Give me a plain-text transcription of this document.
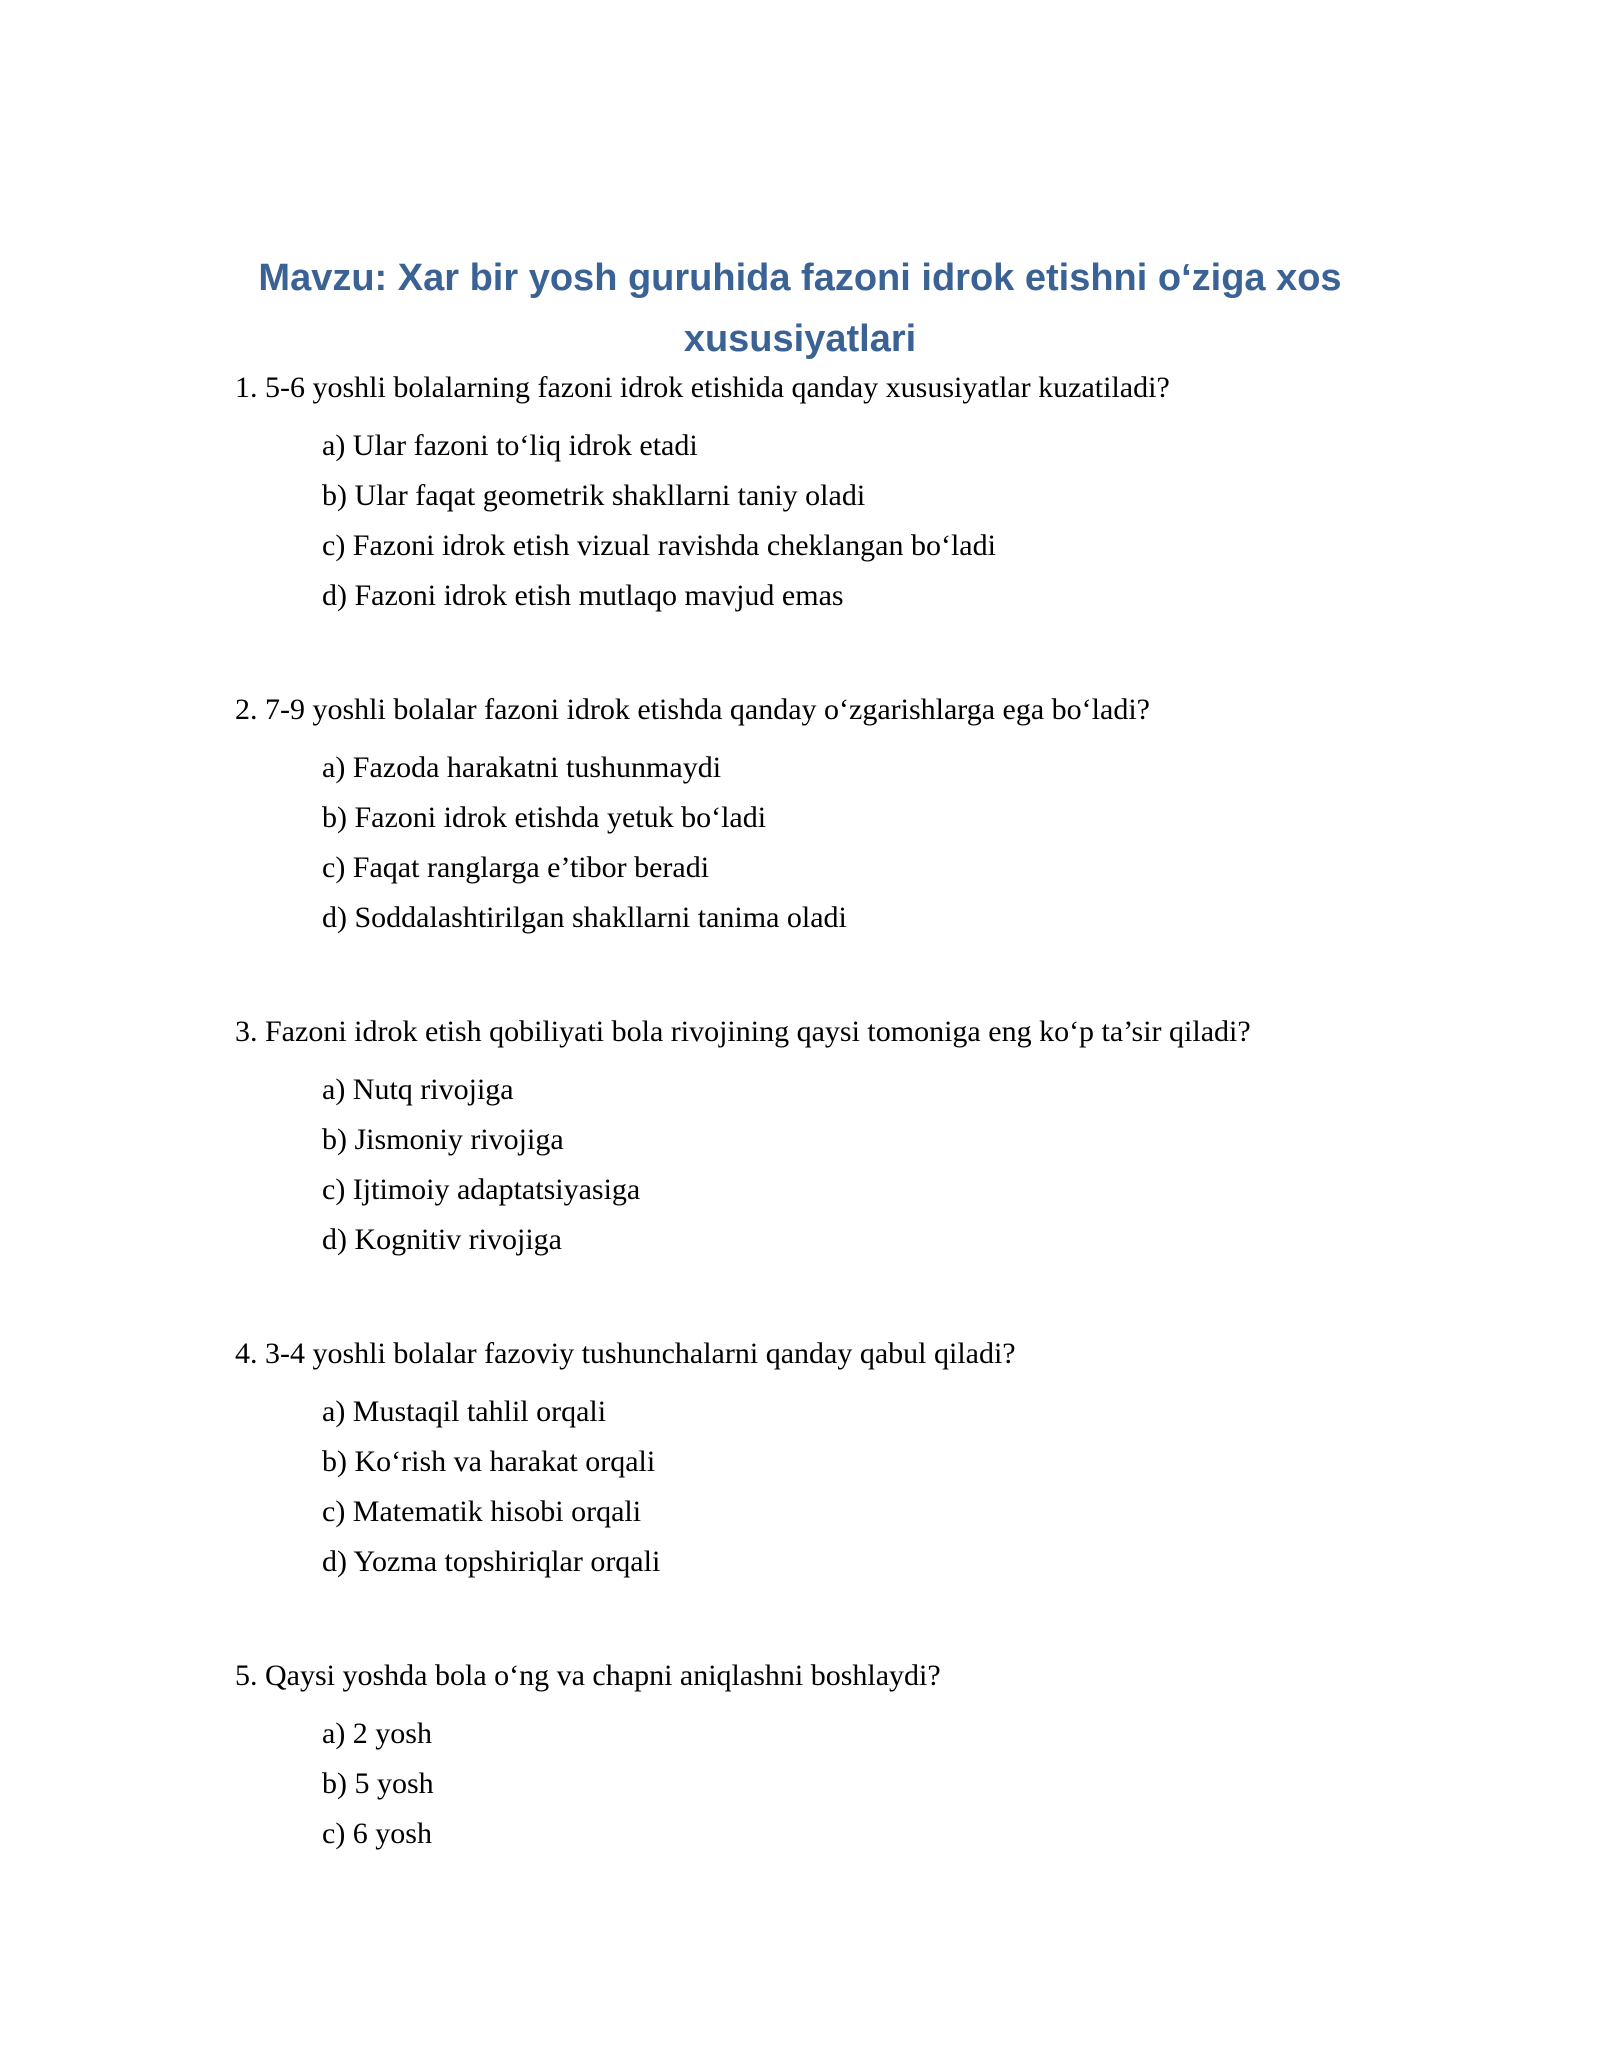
Mavzu: Xar bir yosh guruhida fazoni idrok etishni o‘ziga xos xususiyatlari

1. 5-6 yoshli bolalarning fazoni idrok etishida qanday xususiyatlar kuzatiladi?

a) Ular fazoni to‘liq idrok etadi
b) Ular faqat geometrik shakllarni taniy oladi
c) Fazoni idrok etish vizual ravishda cheklangan bo‘ladi
d) Fazoni idrok etish mutlaqo mavjud emas

2. 7-9 yoshli bolalar fazoni idrok etishda qanday o‘zgarishlarga ega bo‘ladi?

a) Fazoda harakatni tushunmaydi
b) Fazoni idrok etishda yetuk bo‘ladi
c) Faqat ranglarga e’tibor beradi
d) Soddalashtirilgan shakllarni tanima oladi

3. Fazoni idrok etish qobiliyati bola rivojining qaysi tomoniga eng ko‘p ta’sir qiladi?

a) Nutq rivojiga
b) Jismoniy rivojiga
c) Ijtimoiy adaptatsiyasiga
d) Kognitiv rivojiga

4. 3-4 yoshli bolalar fazoviy tushunchalarni qanday qabul qiladi?

a) Mustaqil tahlil orqali
b) Ko‘rish va harakat orqali
c) Matematik hisobi orqali
d) Yozma topshiriqlar orqali

5. Qaysi yoshda bola o‘ng va chapni aniqlashni boshlaydi?

a) 2 yosh
b) 5 yosh
c) 6 yosh
